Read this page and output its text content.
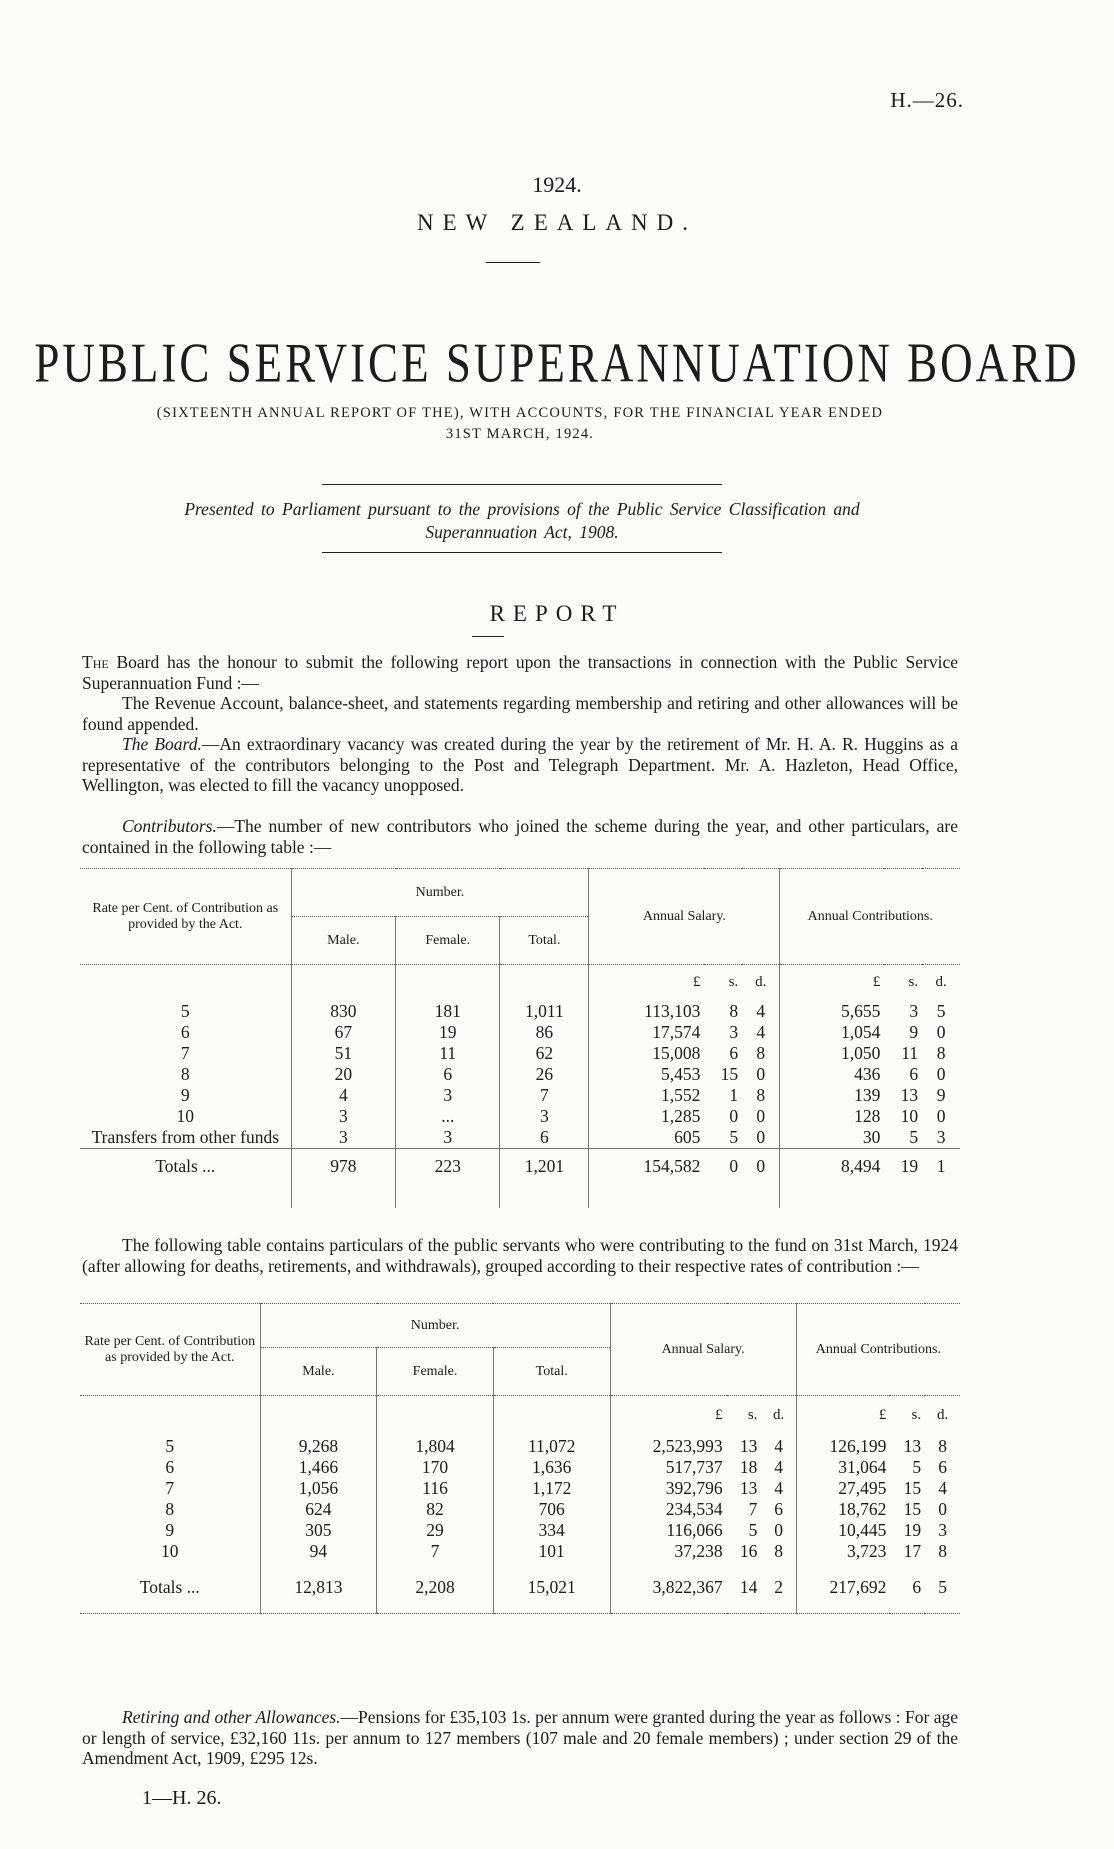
H.—26.
1924.
NEW ZEALAND.
PUBLIC SERVICE SUPERANNUATION BOARD
(SIXTEENTH ANNUAL REPORT OF THE), WITH ACCOUNTS, FOR THE FINANCIAL YEAR ENDED
31ST MARCH, 1924.
Presented to Parliament pursuant to the provisions of the Public Service Classification and
Superannuation Act, 1908.
REPORT
The Board has the honour to submit the following report upon the transactions in connection with the Public Service Superannuation Fund :—
The Revenue Account, balance-sheet, and statements regarding membership and retiring and other allowances will be found appended.
The Board.—An extraordinary vacancy was created during the year by the retirement of Mr. H. A. R. Huggins as a representative of the contributors belonging to the Post and Telegraph Department. Mr. A. Hazleton, Head Office, Wellington, was elected to fill the vacancy unopposed.
Contributors.—The number of new contributors who joined the scheme during the year, and other particulars, are contained in the following table :—
Rate per Cent. of Contribution as provided by the Act.	Number.			Annual Salary.			Annual Contributions.		
	Male.	Female.	Total.						
				£	s.	d.	£	s.	d.
5	830	181	1,011	113,103	8	4	5,655	3	5
6	67	19	86	17,574	3	4	1,054	9	0
7	51	11	62	15,008	6	8	1,050	11	8
8	20	6	26	5,453	15	0	436	6	0
9	4	3	7	1,552	1	8	139	13	9
10	3	...	3	1,285	0	0	128	10	0
Transfers from other funds	3	3	6	605	5	0	30	5	3
Totals ...	978	223	1,201	154,582	0	0	8,494	19	1

The following table contains particulars of the public servants who were contributing to the fund on 31st March, 1924 (after allowing for deaths, retirements, and withdrawals), grouped according to their respective rates of contribution :—
Rate per Cent. of Contribution as provided by the Act.	Number.			Annual Salary.			Annual Contributions.		
	Male.	Female.	Total.						
				£	s.	d.	£	s.	d.
5	9,268	1,804	11,072	2,523,993	13	4	126,199	13	8
6	1,466	170	1,636	517,737	18	4	31,064	5	6
7	1,056	116	1,172	392,796	13	4	27,495	15	4
8	624	82	706	234,534	7	6	18,762	15	0
9	305	29	334	116,066	5	0	10,445	19	3
10	94	7	101	37,238	16	8	3,723	17	8
Totals ...	12,813	2,208	15,021	3,822,367	14	2	217,692	6	5

Retiring and other Allowances.—Pensions for £35,103 1s. per annum were granted during the year as follows : For age or length of service, £32,160 11s. per annum to 127 members (107 male and 20 female members) ; under section 29 of the Amendment Act, 1909, £295 12s.
1—H. 26.
